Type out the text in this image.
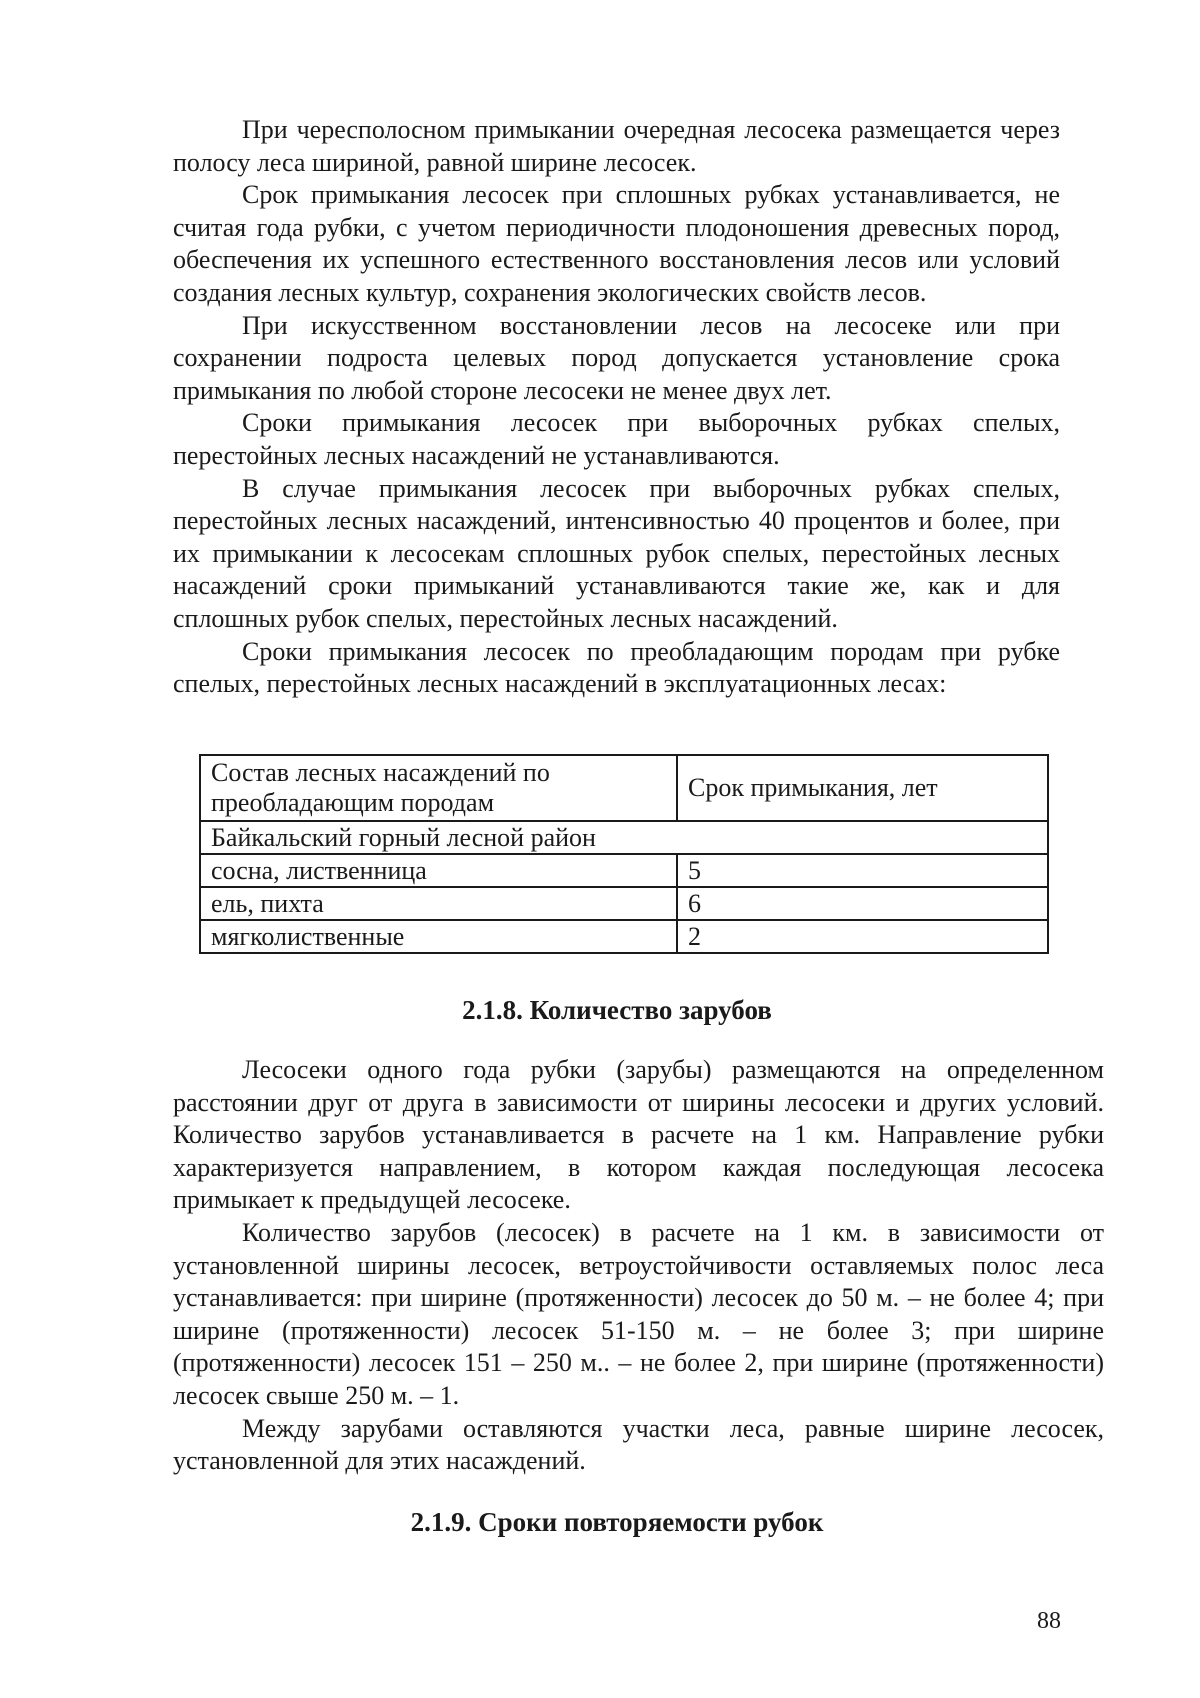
При чересполосном примыкании очередная лесосека размещается через полосу леса шириной, равной ширине лесосек.

Срок примыкания лесосек при сплошных рубках устанавливается, не считая года рубки, с учетом периодичности плодоношения древесных пород, обеспечения их успешного естественного восстановления лесов или условий создания лесных культур, сохранения экологических свойств лесов.

При искусственном восстановлении лесов на лесосеке или при сохранении подроста целевых пород допускается установление срока примыкания по любой стороне лесосеки не менее двух лет.

Сроки примыкания лесосек при выборочных рубках спелых, перестойных лесных насаждений не устанавливаются.

В случае примыкания лесосек при выборочных рубках спелых, перестойных лесных насаждений, интенсивностью 40 процентов и более, при их примыкании к лесосекам сплошных рубок спелых, перестойных лесных насаждений сроки примыканий устанавливаются такие же, как и для сплошных рубок спелых, перестойных лесных насаждений.

Сроки примыкания лесосек по преобладающим породам при рубке спелых, перестойных лесных насаждений в эксплуатационных лесах:

Состав лесных насаждений по преобладающим породам	Срок примыкания, лет
Байкальский горный лесной район	
сосна, лиственница	5
ель, пихта	6
мягколиственные	2
2.1.8. Количество зарубов

Лесосеки одного года рубки (зарубы) размещаются на определенном расстоянии друг от друга в зависимости от ширины лесосеки и других условий. Количество зарубов устанавливается в расчете на 1 км. Направление рубки характеризуется направлением, в котором каждая последующая лесосека примыкает к предыдущей лесосеке.

Количество зарубов (лесосек) в расчете на 1 км. в зависимости от установленной ширины лесосек, ветроустойчивости оставляемых полос леса устанавливается: при ширине (протяженности) лесосек до 50 м. – не более 4; при ширине (протяженности) лесосек 51-150 м. – не более 3; при ширине (протяженности) лесосек 151 – 250 м.. – не более 2, при ширине (протяженности) лесосек свыше 250 м. – 1.

Между зарубами оставляются участки леса, равные ширине лесосек, установленной для этих насаждений.

2.1.9. Сроки повторяемости рубок
88
